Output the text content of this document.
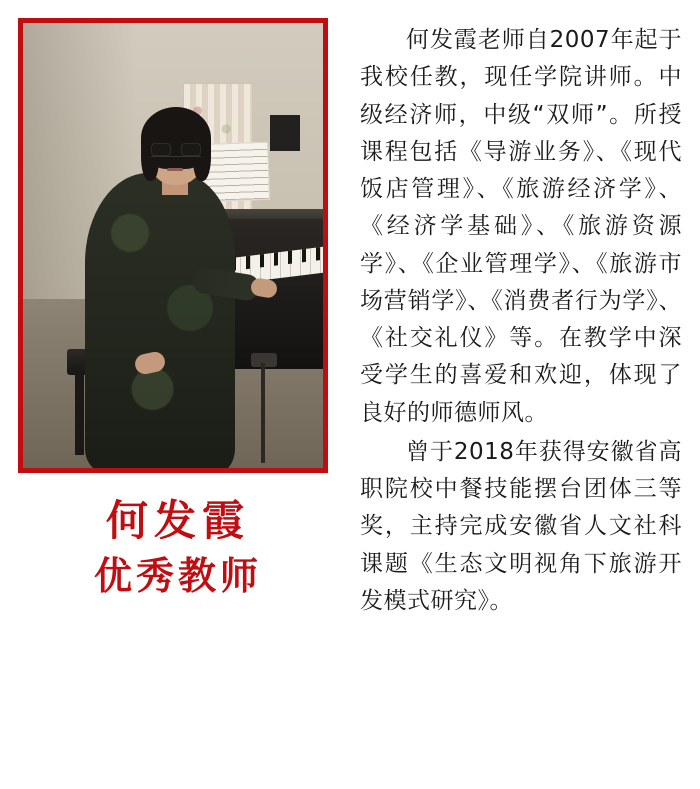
何发霞
优秀教师

何发霞老师自2007年起于我校任教，现任学院讲师。中级经济师，中级“双师”。所授课程包括《导游业务》、《现代饭店管理》、《旅游经济学》、《经济学基础》、《旅游资源学》、《企业管理学》、《旅游市场营销学》、《消费者行为学》、《社交礼仪》等。在教学中深受学生的喜爱和欢迎，体现了良好的师德师风。

曾于2018年获得安徽省高职院校中餐技能摆台团体三等奖，主持完成安徽省人文社科课题《生态文明视角下旅游开发模式研究》。
